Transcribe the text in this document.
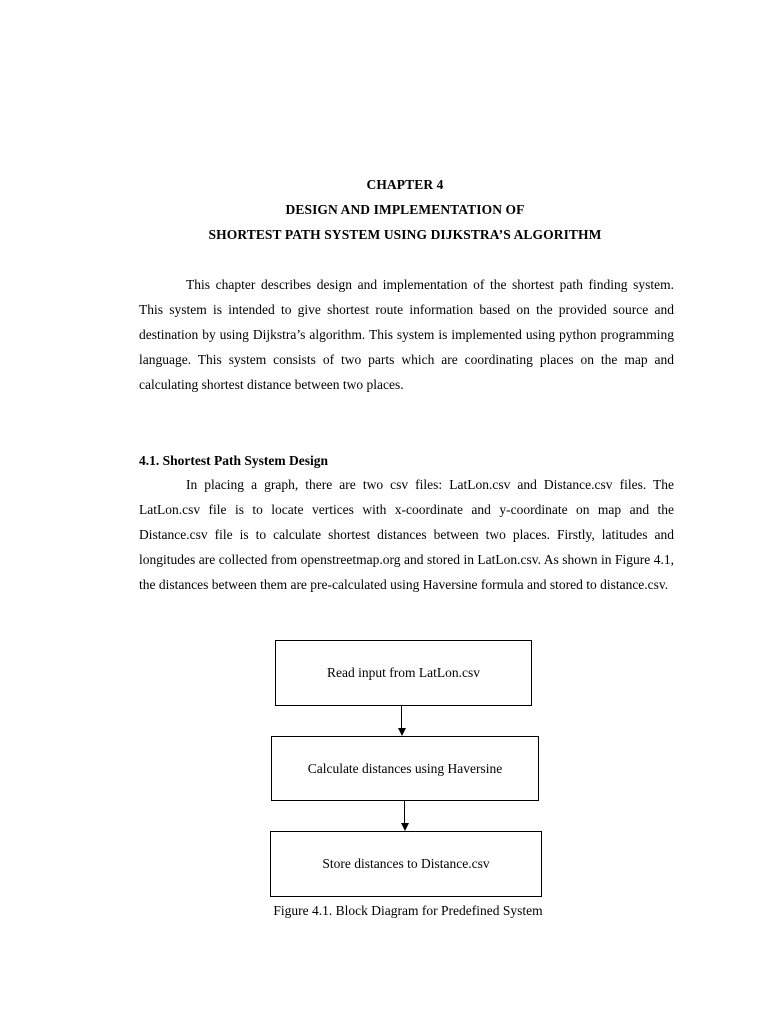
CHAPTER 4
DESIGN AND IMPLEMENTATION OF
SHORTEST PATH SYSTEM USING DIJKSTRA’S ALGORITHM
This chapter describes design and implementation of the shortest path finding system. This system is intended to give shortest route information based on the provided source and destination by using Dijkstra’s algorithm. This system is implemented using python programming language. This system consists of two parts which are coordinating places on the map and calculating shortest distance between two places.
4.1. Shortest Path System Design
In placing a graph, there are two csv files: LatLon.csv and Distance.csv files. The LatLon.csv file is to locate vertices with x-coordinate and y-coordinate on map and the Distance.csv file is to calculate shortest distances between two places. Firstly, latitudes and longitudes are collected from openstreetmap.org and stored in LatLon.csv. As shown in Figure 4.1, the distances between them are pre-calculated using Haversine formula and stored to distance.csv.
Read input from LatLon.csv
Calculate distances using Haversine
Store distances to Distance.csv
Figure 4.1. Block Diagram for Predefined System
